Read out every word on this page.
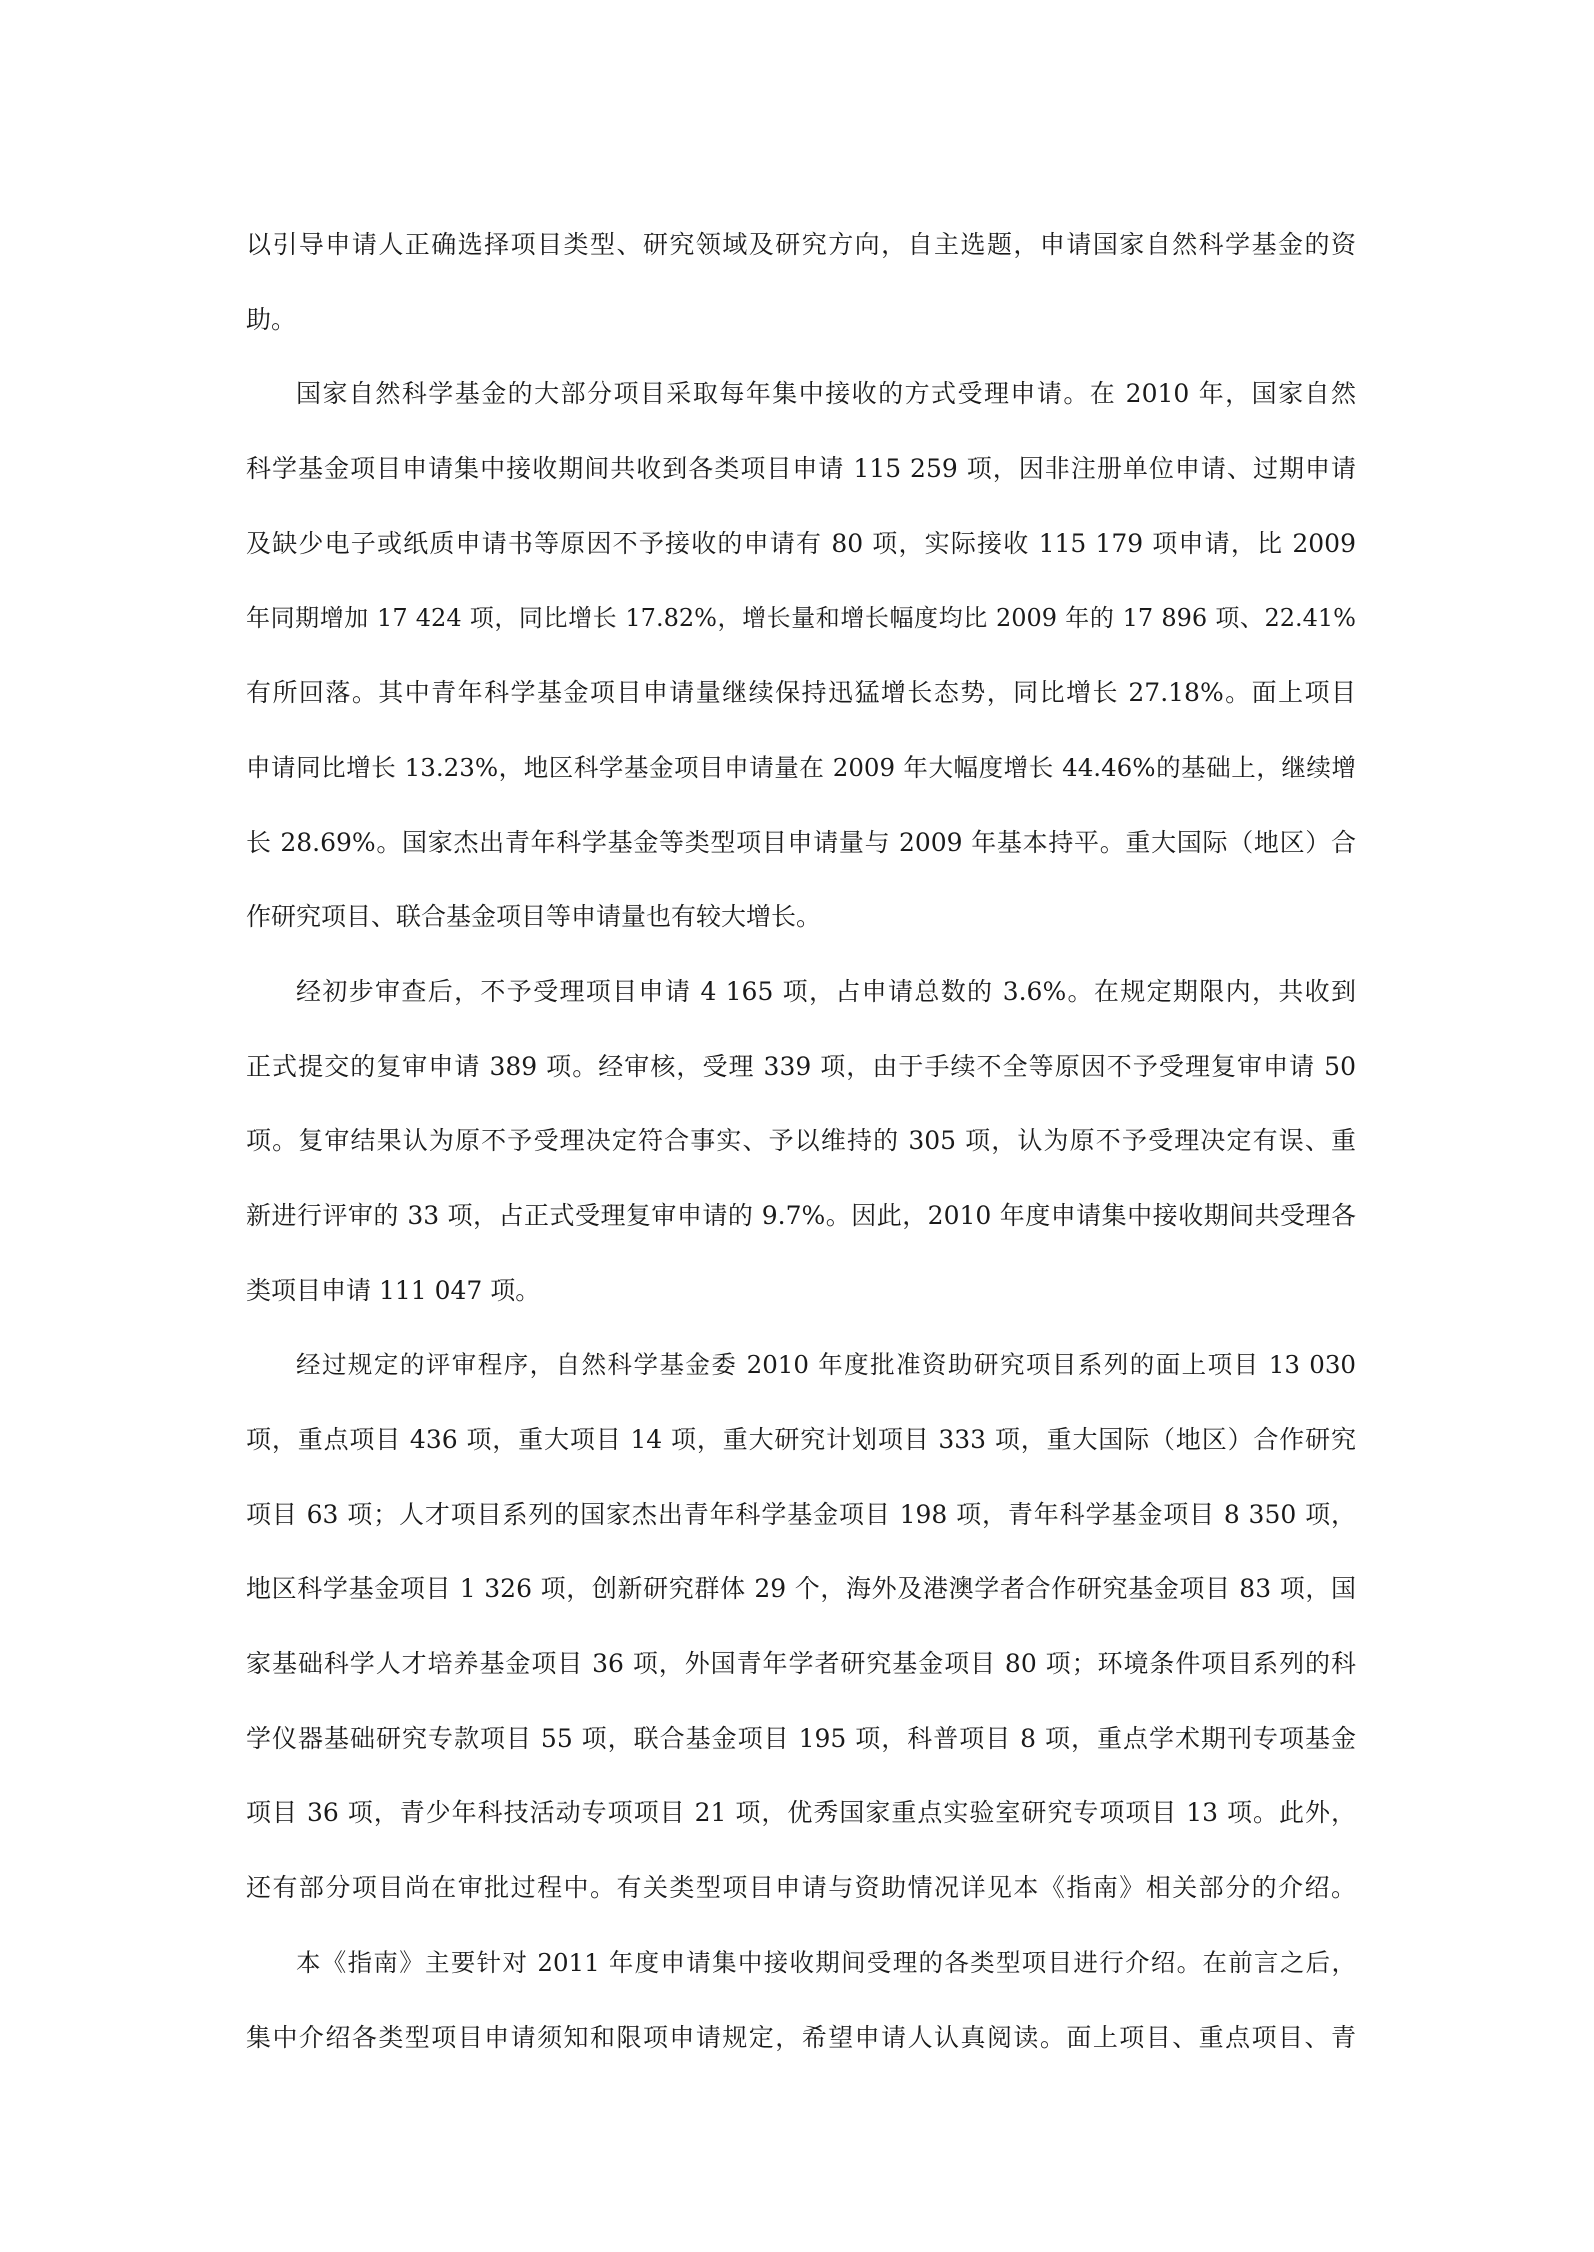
以引导申请人正确选择项目类型、研究领域及研究方向，自主选题，申请国家自然科学基金的资
助。
国家自然科学基金的大部分项目采取每年集中接收的方式受理申请。在 2010 年，国家自然
科学基金项目申请集中接收期间共收到各类项目申请 115 259 项，因非注册单位申请、过期申请
及缺少电子或纸质申请书等原因不予接收的申请有 80 项，实际接收 115 179 项申请，比 2009
年同期增加 17 424 项，同比增长 17.82%，增长量和增长幅度均比 2009 年的 17 896 项、22.41%
有所回落。其中青年科学基金项目申请量继续保持迅猛增长态势，同比增长 27.18%。面上项目
申请同比增长 13.23%，地区科学基金项目申请量在 2009 年大幅度增长 44.46%的基础上，继续增
长 28.69%。国家杰出青年科学基金等类型项目申请量与 2009 年基本持平。重大国际（地区）合
作研究项目、联合基金项目等申请量也有较大增长。
经初步审查后，不予受理项目申请 4 165 项，占申请总数的 3.6%。在规定期限内，共收到
正式提交的复审申请 389 项。经审核，受理 339 项，由于手续不全等原因不予受理复审申请 50
项。复审结果认为原不予受理决定符合事实、予以维持的 305 项，认为原不予受理决定有误、重
新进行评审的 33 项，占正式受理复审申请的 9.7%。因此，2010 年度申请集中接收期间共受理各
类项目申请 111 047 项。
经过规定的评审程序，自然科学基金委 2010 年度批准资助研究项目系列的面上项目 13 030
项，重点项目 436 项，重大项目 14 项，重大研究计划项目 333 项，重大国际（地区）合作研究
项目 63 项；人才项目系列的国家杰出青年科学基金项目 198 项，青年科学基金项目 8 350 项，
地区科学基金项目 1 326 项，创新研究群体 29 个，海外及港澳学者合作研究基金项目 83 项，国
家基础科学人才培养基金项目 36 项，外国青年学者研究基金项目 80 项；环境条件项目系列的科
学仪器基础研究专款项目 55 项，联合基金项目 195 项，科普项目 8 项，重点学术期刊专项基金
项目 36 项，青少年科技活动专项项目 21 项，优秀国家重点实验室研究专项项目 13 项。此外，
还有部分项目尚在审批过程中。有关类型项目申请与资助情况详见本《指南》相关部分的介绍。
本《指南》主要针对 2011 年度申请集中接收期间受理的各类型项目进行介绍。在前言之后，
集中介绍各类型项目申请须知和限项申请规定，希望申请人认真阅读。面上项目、重点项目、青
